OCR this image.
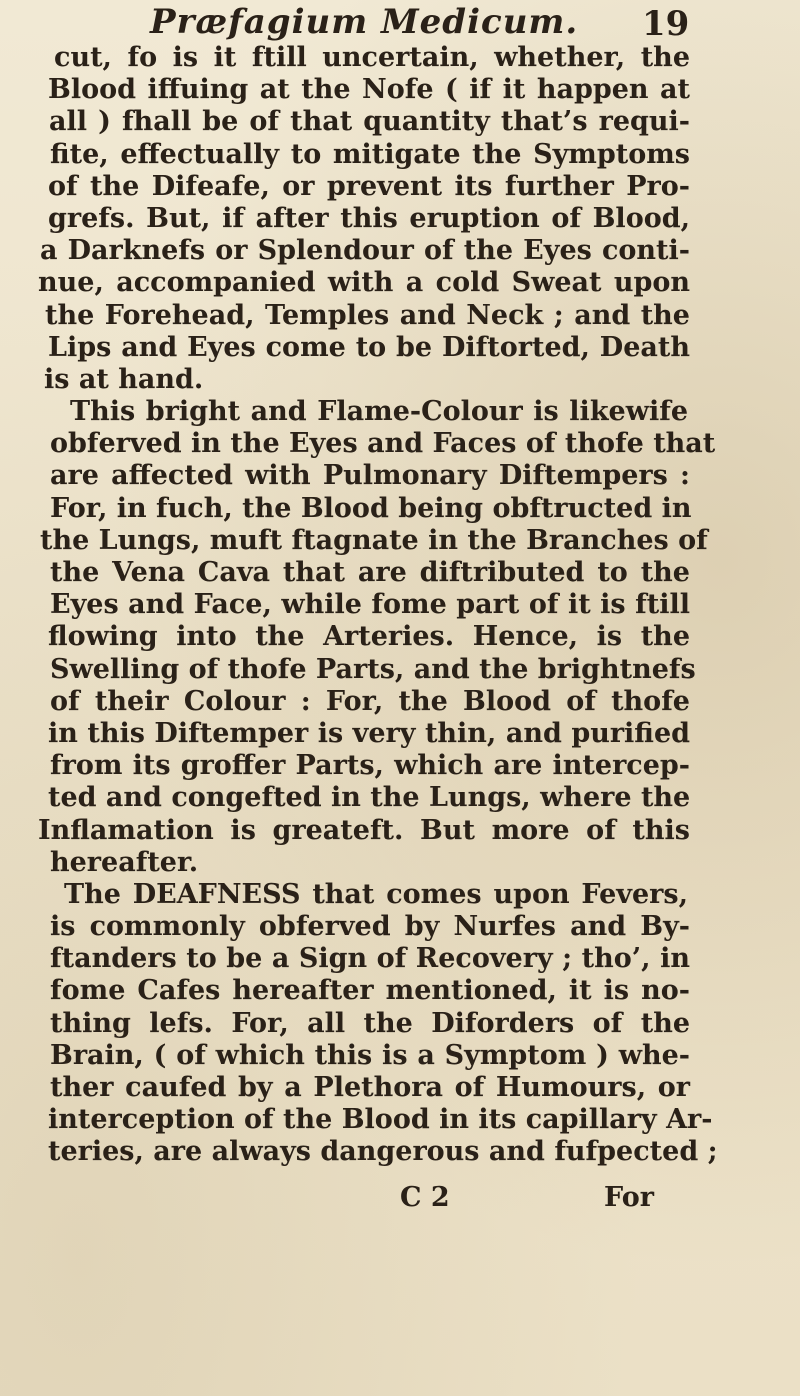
Præfagium Medicum. 19
cut, fo is it ftill uncertain, whether, the
Blood iffuing at the Nofe ( if it happen at
all ) fhall be of that quantity that’s requi-
fite, effectually to mitigate the Symptoms
of the Difeafe, or prevent its further Pro-
grefs. But, if after this eruption of Blood,
a Darknefs or Splendour of the Eyes conti-
nue, accompanied with a cold Sweat upon
the Forehead, Temples and Neck ; and the
Lips and Eyes come to be Diftorted, Death
is at hand.
This bright and Flame-Colour is likewife
obferved in the Eyes and Faces of thofe that
are affected with Pulmonary Diftempers :
For, in fuch, the Blood being obftructed in
the Lungs, muft ftagnate in the Branches of
the Vena Cava that are diftributed to the
Eyes and Face, while fome part of it is ftill
flowing into the Arteries. Hence, is the
Swelling of thofe Parts, and the brightnefs
of their Colour : For, the Blood of thofe
in this Diftemper is very thin, and purified
from its groffer Parts, which are intercep-
ted and congefted in the Lungs, where the
Inflamation is greateft. But more of this
hereafter.
The DEAFNESS that comes upon Fevers,
is commonly obferved by Nurfes and By-
ftanders to be a Sign of Recovery ; tho’, in
fome Cafes hereafter mentioned, it is no-
thing lefs. For, all the Diforders of the
Brain, ( of which this is a Symptom ) whe-
ther caufed by a Plethora of Humours, or
interception of the Blood in its capillary Ar-
teries, are always dangerous and fufpected ;
C 2	For
